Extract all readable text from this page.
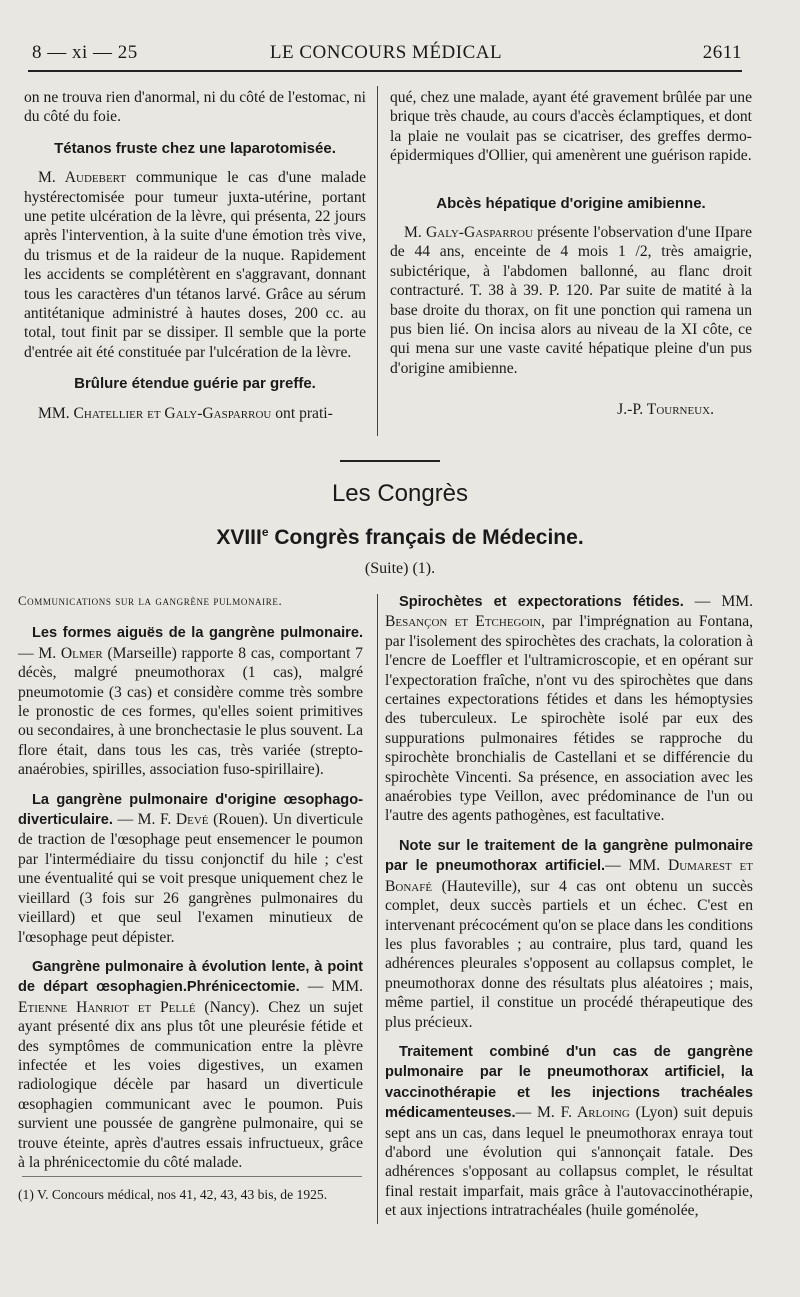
8 — xi — 25	LE CONCOURS MÉDICAL	2611

on ne trouva rien d'anormal, ni du côté de l'estomac, ni du côté du foie.

Tétanos fruste chez une laparotomisée.

M. Audebert communique le cas d'une malade hystérectomisée pour tumeur juxta-utérine, portant une petite ulcération de la lèvre, qui présenta, 22 jours après l'intervention, à la suite d'une émotion très vive, du trismus et de la raideur de la nuque. Rapidement les accidents se complétèrent en s'aggravant, donnant tous les caractères d'un tétanos larvé. Grâce au sérum antitétanique administré à hautes doses, 200 cc. au total, tout finit par se dissiper. Il semble que la porte d'entrée ait été constituée par l'ulcération de la lèvre.

Brûlure étendue guérie par greffe.

MM. Chatellier et Galy-Gasparrou ont prati-

qué, chez une malade, ayant été gravement brûlée par une brique très chaude, au cours d'accès éclamptiques, et dont la plaie ne voulait pas se cicatriser, des greffes dermo-épidermiques d'Ollier, qui amenèrent une guérison rapide.

Abcès hépatique d'origine amibienne.

M. Galy-Gasparrou présente l'observation d'une IIpare de 44 ans, enceinte de 4 mois 1 /2, très amaigrie, subictérique, à l'abdomen ballonné, au flanc droit contracturé. T. 38 à 39. P. 120. Par suite de matité à la base droite du thorax, on fit une ponction qui ramena un pus bien lié. On incisa alors au niveau de la XI côte, ce qui mena sur une vaste cavité hépatique pleine d'un pus d'origine amibienne.

J.-P. Tourneux.
Les Congrès
XVIIIe Congrès français de Médecine.
(Suite) (1).

Communications sur la gangrène pulmonaire.

Les formes aiguës de la gangrène pulmonaire. — M. Olmer (Marseille) rapporte 8 cas, comportant 7 décès, malgré pneumothorax (1 cas), malgré pneumotomie (3 cas) et considère comme très sombre le pronostic de ces formes, qu'elles soient primitives ou secondaires, à une bronchectasie le plus souvent. La flore était, dans tous les cas, très variée (strepto-anaérobies, spirilles, association fuso-spirillaire).

La gangrène pulmonaire d'origine œsophago-diverticulaire. — M. F. Devé (Rouen). Un diverticule de traction de l'œsophage peut ensemencer le poumon par l'intermédiaire du tissu conjonctif du hile ; c'est une éventualité qui se voit presque uniquement chez le vieillard (3 fois sur 26 gangrènes pulmonaires du vieillard) et que seul l'examen minutieux de l'œsophage peut dépister.

Gangrène pulmonaire à évolution lente, à point de départ œsophagien.Phrénicectomie. — MM. Etienne Hanriot et Pellé (Nancy). Chez un sujet ayant présenté dix ans plus tôt une pleurésie fétide et des symptômes de communication entre la plèvre infectée et les voies digestives, un examen radiologique décèle par hasard un diverticule œsophagien communicant avec le poumon. Puis survient une poussée de gangrène pulmonaire, qui se trouve éteinte, après d'autres essais infructueux, grâce à la phrénicectomie du côté malade.

(1) V. Concours médical, nos 41, 42, 43, 43 bis, de 1925.

Spirochètes et expectorations fétides. — MM. Besançon et Etchegoin, par l'imprégnation au Fontana, par l'isolement des spirochètes des crachats, la coloration à l'encre de Loeffler et l'ultramicroscopie, et en opérant sur l'expectoration fraîche, n'ont vu des spirochètes que dans certaines expectorations fétides et dans les hémoptysies des tuberculeux. Le spirochète isolé par eux des suppurations pulmonaires fétides se rapproche du spirochète bronchialis de Castellani et se différencie du spirochète Vincenti. Sa présence, en association avec les anaérobies type Veillon, avec prédominance de l'un ou l'autre des agents pathogènes, est facultative.

Note sur le traitement de la gangrène pulmonaire par le pneumothorax artificiel.— MM. Dumarest et Bonafé (Hauteville), sur 4 cas ont obtenu un succès complet, deux succès partiels et un échec. C'est en intervenant précocément qu'on se place dans les conditions les plus favorables ; au contraire, plus tard, quand les adhérences pleurales s'opposent au collapsus complet, le pneumothorax donne des résultats plus aléatoires ; mais, même partiel, il constitue un procédé thérapeutique des plus précieux.

Traitement combiné d'un cas de gangrène pulmonaire par le pneumothorax artificiel, la vaccinothérapie et les injections trachéales médicamenteuses.— M. F. Arloing (Lyon) suit depuis sept ans un cas, dans lequel le pneumothorax enraya tout d'abord une évolution qui s'annonçait fatale. Des adhérences s'opposant au collapsus complet, le résultat final restait imparfait, mais grâce à l'autovaccinothérapie, et aux injections intratrachéales (huile goménolée,
